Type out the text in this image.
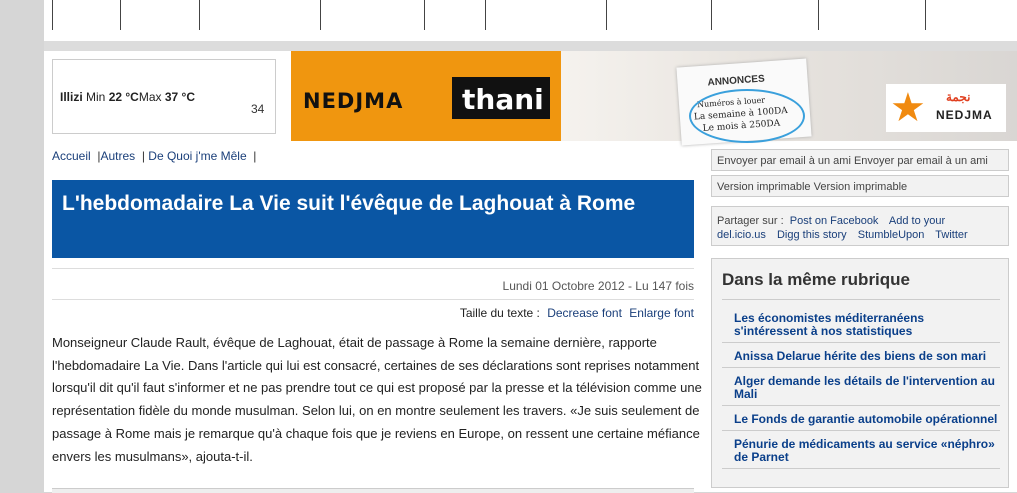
Illizi Min 22 °CMax 37 °C
34 NEDJMA thani
ANNONCES
Numéros à louer
La semaine à 100DA
Le mois à 250DA	★ نجمة
NEDJMA
Accueil  |Autres  | De Quoi j'me Mêle  |
L'hebdomadaire La Vie suit l'évêque de Laghouat à Rome
Lundi 01 Octobre 2012 - Lu 147 fois
Taille du texte : Decrease font Enlarge font
Monseigneur Claude Rault, évêque de Laghouat, était de passage à Rome la semaine dernière, rapporte l'hebdomadaire La Vie. Dans l'article qui lui est consacré, certaines de ses déclarations sont reprises notamment lorsqu'il dit qu'il faut s'informer et ne pas prendre tout ce qui est proposé par la presse et la télévision comme une représentation fidèle du monde musulman. Selon lui, on en montre seulement les travers. «Je suis seulement de passage à Rome mais je remarque qu'à chaque fois que je reviens en Europe, on ressent une certaine méfiance envers les musulmans», ajouta-t-il.
Envoyer par email à un ami Envoyer par email à un ami
Version imprimable Version imprimable
Partager sur : Post on Facebook Add to your del.icio.us Digg this story StumbleUpon Twitter
Dans la même rubrique
Les économistes méditerranéens s'intéressent à nos statistiques
Anissa Delarue hérite des biens de son mari
Alger demande les détails de l'intervention au Mali
Le Fonds de garantie automobile opérationnel
Pénurie de médicaments au service «néphro» de Parnet
